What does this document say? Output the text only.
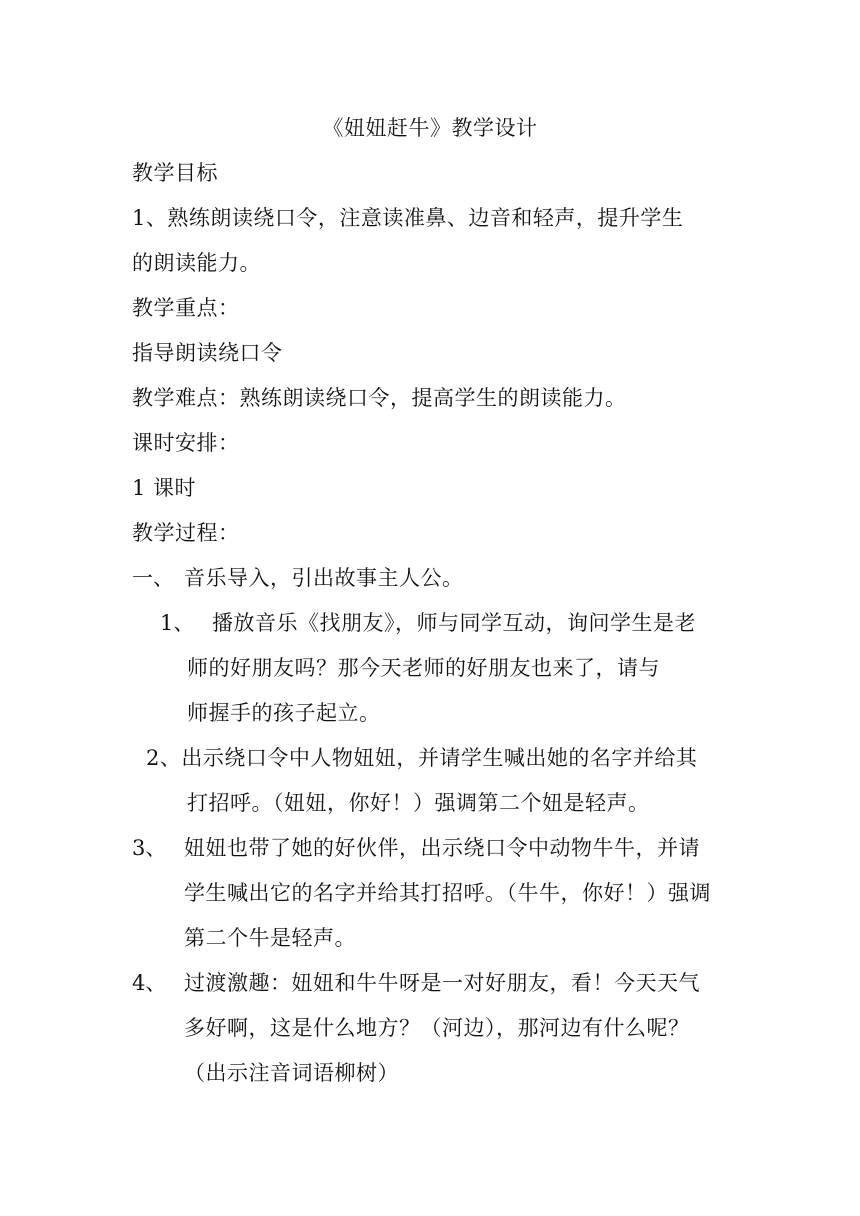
《妞妞赶牛》教学设计
教学目标
1、熟练朗读绕口令，注意读准鼻、边音和轻声，提升学生
的朗读能力。
教学重点：
指导朗读绕口令
教学难点：熟练朗读绕口令，提高学生的朗读能力。
课时安排：
1 课时
教学过程：
一、 音乐导入，引出故事主人公。
1、 播放音乐《找朋友》，师与同学互动，询问学生是老
师的好朋友吗？那今天老师的好朋友也来了，请与
师握手的孩子起立。
2、出示绕口令中人物妞妞，并请学生喊出她的名字并给其
打招呼。（妞妞，你好！）强调第二个妞是轻声。
3、 妞妞也带了她的好伙伴，出示绕口令中动物牛牛，并请
学生喊出它的名字并给其打招呼。（牛牛，你好！）强调
第二个牛是轻声。
4、 过渡激趣：妞妞和牛牛呀是一对好朋友，看！今天天气
多好啊，这是什么地方？（河边），那河边有什么呢？
（出示注音词语柳树）
